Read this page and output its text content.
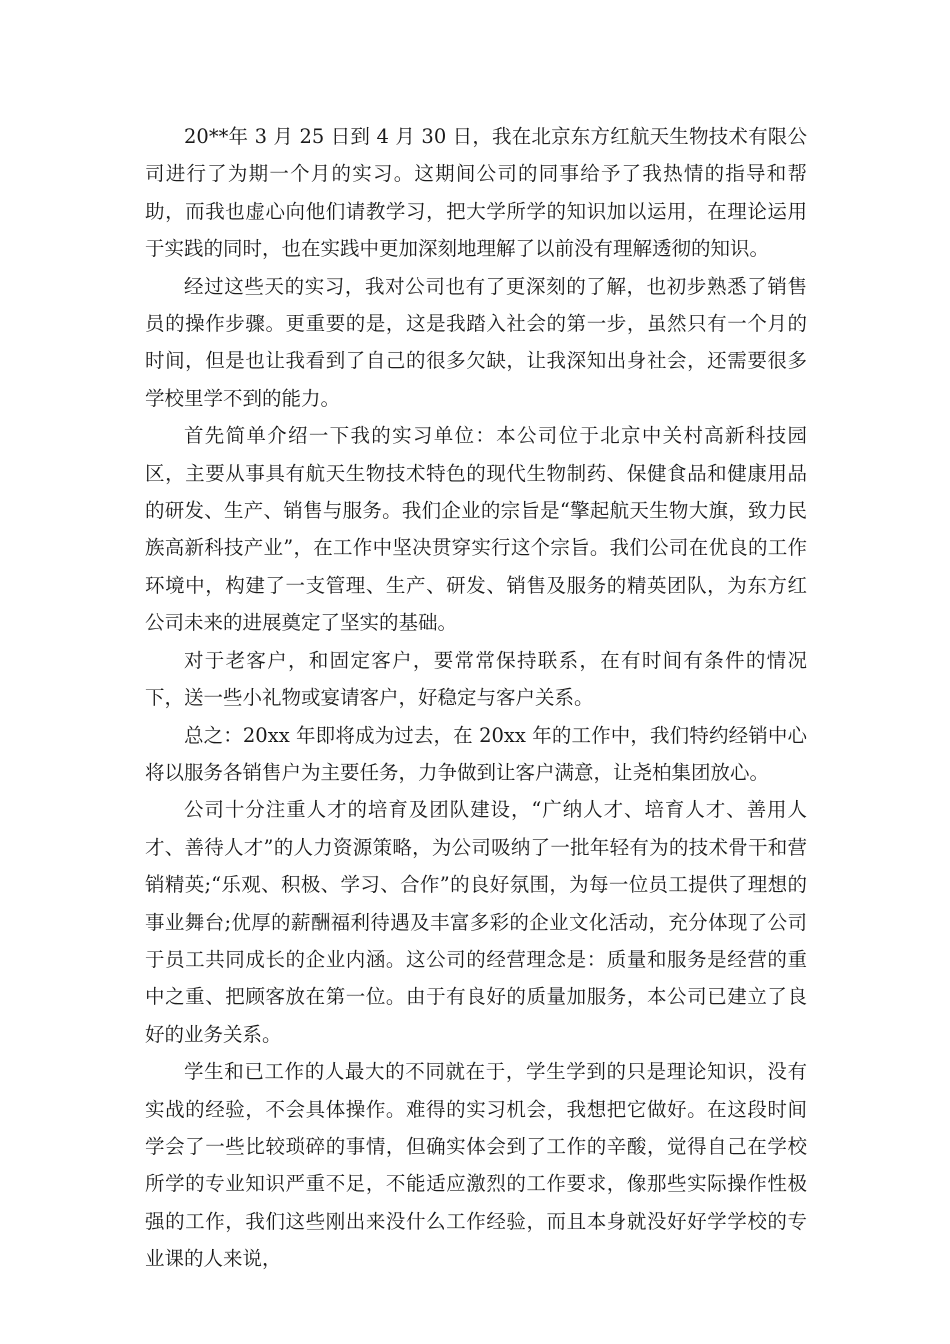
20**年 3 月 25 日到 4 月 30 日，我在北京东方红航天生物技术有限公司进行了为期一个月的实习。这期间公司的同事给予了我热情的指导和帮助，而我也虚心向他们请教学习，把大学所学的知识加以运用，在理论运用于实践的同时，也在实践中更加深刻地理解了以前没有理解透彻的知识。

经过这些天的实习，我对公司也有了更深刻的了解，也初步熟悉了销售员的操作步骤。更重要的是，这是我踏入社会的第一步，虽然只有一个月的时间，但是也让我看到了自己的很多欠缺，让我深知出身社会，还需要很多学校里学不到的能力。

首先简单介绍一下我的实习单位：本公司位于北京中关村高新科技园区，主要从事具有航天生物技术特色的现代生物制药、保健食品和健康用品的研发、生产、销售与服务。我们企业的宗旨是“擎起航天生物大旗，致力民族高新科技产业”，在工作中坚决贯穿实行这个宗旨。我们公司在优良的工作环境中，构建了一支管理、生产、研发、销售及服务的精英团队，为东方红公司未来的进展奠定了坚实的基础。

对于老客户，和固定客户，要常常保持联系，在有时间有条件的情况下，送一些小礼物或宴请客户，好稳定与客户关系。

总之：20xx 年即将成为过去，在 20xx 年的工作中，我们特约经销中心将以服务各销售户为主要任务，力争做到让客户满意，让尧柏集团放心。

公司十分注重人才的培育及团队建设，“广纳人才、培育人才、善用人才、善待人才”的人力资源策略，为公司吸纳了一批年轻有为的技术骨干和营销精英;“乐观、积极、学习、合作”的良好氛围，为每一位员工提供了理想的事业舞台;优厚的薪酬福利待遇及丰富多彩的企业文化活动，充分体现了公司于员工共同成长的企业内涵。这公司的经营理念是：质量和服务是经营的重中之重、把顾客放在第一位。由于有良好的质量加服务，本公司已建立了良好的业务关系。

学生和已工作的人最大的不同就在于，学生学到的只是理论知识，没有实战的经验，不会具体操作。难得的实习机会，我想把它做好。在这段时间学会了一些比较琐碎的事情，但确实体会到了工作的辛酸，觉得自己在学校所学的专业知识严重不足，不能适应激烈的工作要求，像那些实际操作性极强的工作，我们这些刚出来没什么工作经验，而且本身就没好好学学校的专业课的人来说，
